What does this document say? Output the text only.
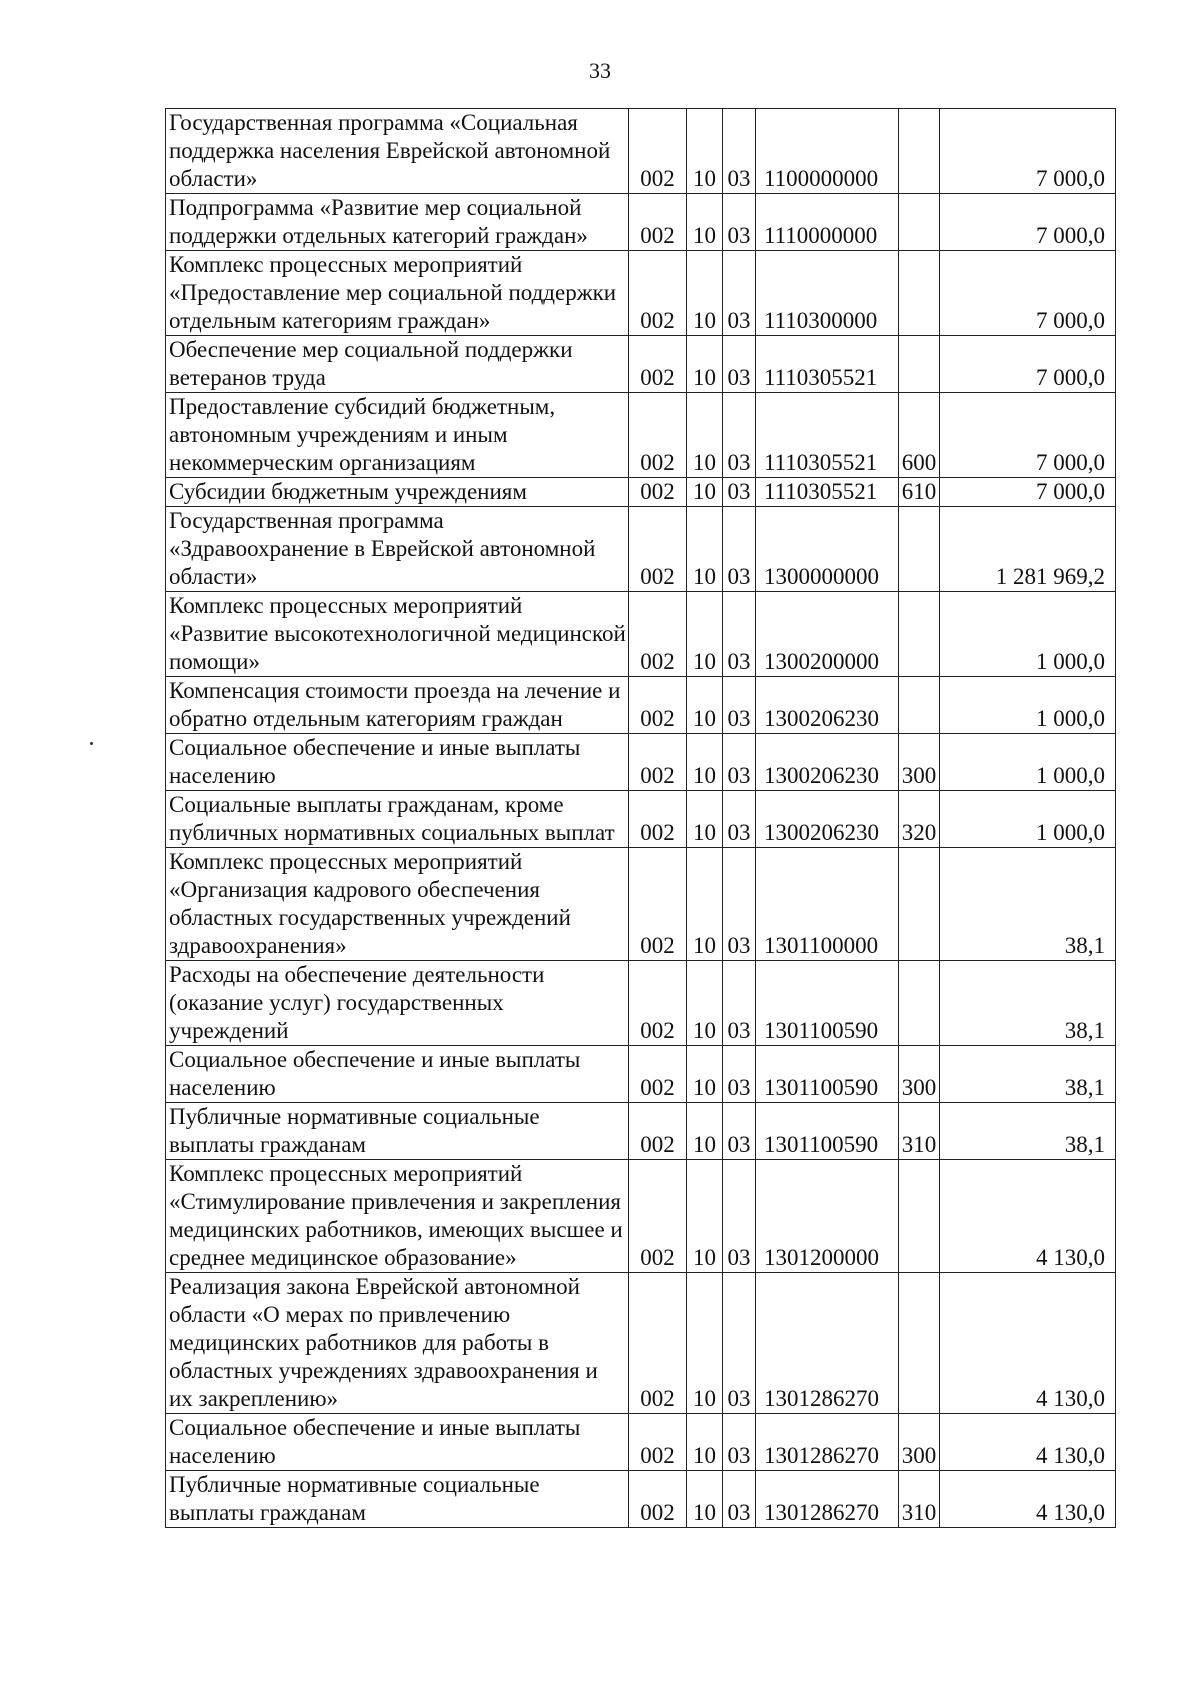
33
Государственная программа «Социальная поддержка населения Еврейской автономной области»	002	10	03	1100000000		7 000,0
Подпрограмма «Развитие мер социальной поддержки отдельных категорий граждан»	002	10	03	1110000000		7 000,0
Комплекс процессных мероприятий «Предоставление мер социальной поддержки отдельным категориям граждан»	002	10	03	1110300000		7 000,0
Обеспечение мер социальной поддержки ветеранов труда	002	10	03	1110305521		7 000,0
Предоставление субсидий бюджетным, автономным учреждениям и иным некоммерческим организациям	002	10	03	1110305521	600	7 000,0
Субсидии бюджетным учреждениям	002	10	03	1110305521	610	7 000,0
Государственная программа «Здравоохранение в Еврейской автономной области»	002	10	03	1300000000		1 281 969,2
Комплекс процессных мероприятий «Развитие высокотехнологичной медицинской помощи»	002	10	03	1300200000		1 000,0
Компенсация стоимости проезда на лечение и обратно отдельным категориям граждан	002	10	03	1300206230		1 000,0
Социальное обеспечение и иные выплаты населению	002	10	03	1300206230	300	1 000,0
Социальные выплаты гражданам, кроме публичных нормативных социальных выплат	002	10	03	1300206230	320	1 000,0
Комплекс процессных мероприятий «Организация кадрового обеспечения областных государственных учреждений здравоохранения»	002	10	03	1301100000		38,1
Расходы на обеспечение деятельности (оказание услуг) государственных учреждений	002	10	03	1301100590		38,1
Социальное обеспечение и иные выплаты населению	002	10	03	1301100590	300	38,1
Публичные нормативные социальные выплаты гражданам	002	10	03	1301100590	310	38,1
Комплекс процессных мероприятий «Стимулирование привлечения и закрепления медицинских работников, имеющих высшее и среднее медицинское образование»	002	10	03	1301200000		4 130,0
Реализация закона Еврейской автономной области «О мерах по привлечению медицинских работников для работы в областных учреждениях здравоохранения и их закреплению»	002	10	03	1301286270		4 130,0
Социальное обеспечение и иные выплаты населению	002	10	03	1301286270	300	4 130,0
Публичные нормативные социальные выплаты гражданам	002	10	03	1301286270	310	4 130,0
